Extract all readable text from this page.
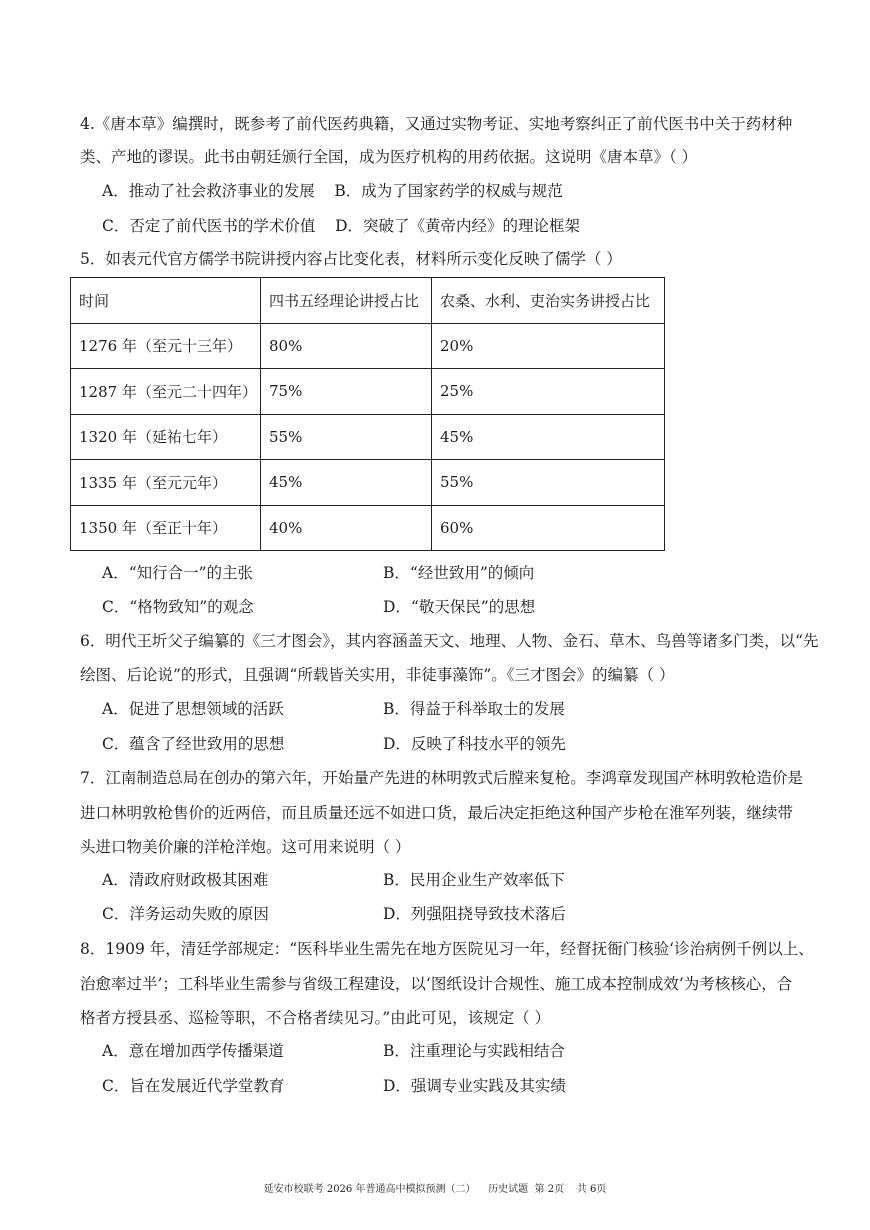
4.《唐本草》编撰时，既参考了前代医药典籍，又通过实物考证、实地考察纠正了前代医书中关于药材种
类、产地的谬误。此书由朝廷颁行全国，成为医疗机构的用药依据。这说明《唐本草》（ ）
A．推动了社会救济事业的发展    B．成为了国家药学的权威与规范
C．否定了前代医书的学术价值    D．突破了《黄帝内经》的理论框架
5．如表元代官方儒学书院讲授内容占比变化表，材料所示变化反映了儒学（ ）
时间	四书五经理论讲授占比	农桑、水利、吏治实务讲授占比
1276 年（至元十三年）	80%	20%
1287 年（至元二十四年）	75%	25%
1320 年（延祐七年）	55%	45%
1335 年（至元元年）	45%	55%
1350 年（至正十年）	40%	60%
A．“知行合一”的主张	B．“经世致用”的倾向
C．“格物致知”的观念	D．“敬天保民”的思想
6．明代王圻父子编纂的《三才图会》，其内容涵盖天文、地理、人物、金石、草木、鸟兽等诸多门类，以“先
绘图、后论说”的形式，且强调“所载皆关实用，非徒事藻饰”。《三才图会》的编纂（ ）
A．促进了思想领域的活跃	B．得益于科举取士的发展
C．蕴含了经世致用的思想	D．反映了科技水平的领先
7．江南制造总局在创办的第六年，开始量产先进的林明敦式后膛来复枪。李鸿章发现国产林明敦枪造价是
进口林明敦枪售价的近两倍，而且质量还远不如进口货，最后决定拒绝这种国产步枪在淮军列装，继续带
头进口物美价廉的洋枪洋炮。这可用来说明（ ）
A．清政府财政极其困难	B．民用企业生产效率低下
C．洋务运动失败的原因	D．列强阻挠导致技术落后
8．1909 年，清廷学部规定：“医科毕业生需先在地方医院见习一年，经督抚衙门核验‘诊治病例千例以上、
治愈率过半’；工科毕业生需参与省级工程建设，以‘图纸设计合规性、施工成本控制成效’为考核核心，合
格者方授县丞、巡检等职，不合格者续见习。”由此可见，该规定（ ）
A．意在增加西学传播渠道	B．注重理论与实践相结合
C．旨在发展近代学堂教育	D．强调专业实践及其实绩
延安市校联考 2026 年普通高中模拟预测（二）    历史试题  第 2页    共 6页
